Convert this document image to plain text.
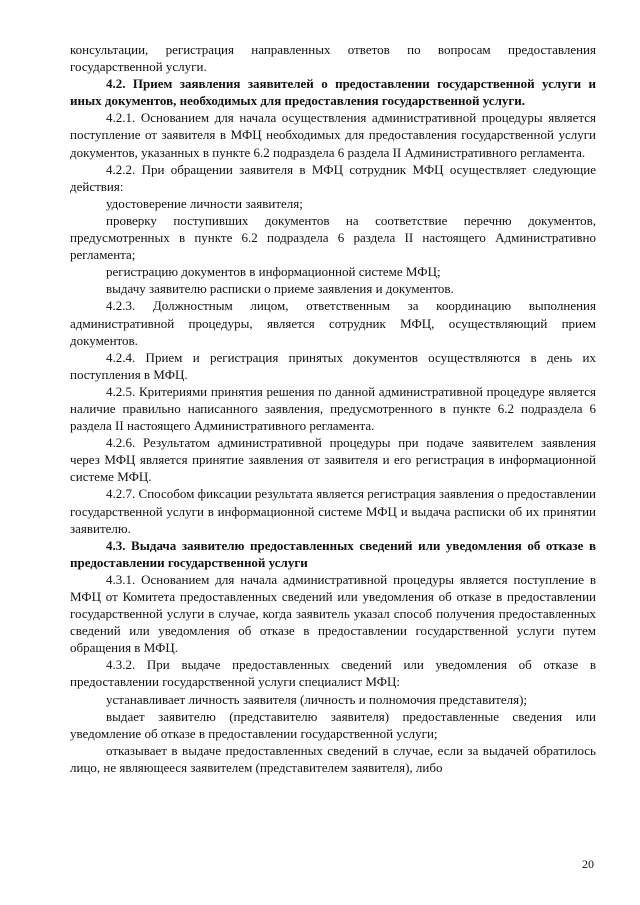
консультации, регистрация направленных ответов по вопросам предоставления государственной услуги.

4.2. Прием заявления заявителей о предоставлении государственной услуги и иных документов, необходимых для предоставления государственной услуги.

4.2.1. Основанием для начала осуществления административной процедуры является поступление от заявителя в МФЦ необходимых для предоставления государственной услуги документов, указанных в пункте 6.2 подраздела 6 раздела II Административного регламента.

4.2.2. При обращении заявителя в МФЦ сотрудник МФЦ осуществляет следующие действия:

удостоверение личности заявителя;

проверку поступивших документов на соответствие перечню документов, предусмотренных в пункте 6.2 подраздела 6 раздела II настоящего Административно регламента;

регистрацию документов в информационной системе МФЦ;

выдачу заявителю расписки о приеме заявления и документов.

4.2.3. Должностным лицом, ответственным за координацию выполнения административной процедуры, является сотрудник МФЦ, осуществляющий прием документов.

4.2.4. Прием и регистрация принятых документов осуществляются в день их поступления в МФЦ.

4.2.5. Критериями принятия решения по данной административной процедуре является наличие правильно написанного заявления, предусмотренного в пункте 6.2 подраздела 6 раздела II настоящего Административного регламента.

4.2.6. Результатом административной процедуры при подаче заявителем заявления через МФЦ является принятие заявления от заявителя и его регистрация в информационной системе МФЦ.

4.2.7. Способом фиксации результата является регистрация заявления о предоставлении государственной услуги в информационной системе МФЦ и выдача расписки об их принятии заявителю.

4.3. Выдача заявителю предоставленных сведений или уведомления об отказе в предоставлении государственной услуги

4.3.1. Основанием для начала административной процедуры является поступление в МФЦ от Комитета предоставленных сведений или уведомления об отказе в предоставлении государственной услуги в случае, когда заявитель указал способ получения предоставленных сведений или уведомления об отказе в предоставлении государственной услуги путем обращения в МФЦ.

4.3.2. При выдаче предоставленных сведений или уведомления об отказе в предоставлении государственной услуги специалист МФЦ:

устанавливает личность заявителя (личность и полномочия представителя);

выдает заявителю (представителю заявителя) предоставленные сведения или уведомление об отказе в предоставлении государственной услуги;

отказывает в выдаче предоставленных сведений в случае, если за выдачей обратилось лицо, не являющееся заявителем (представителем заявителя), либо

20
